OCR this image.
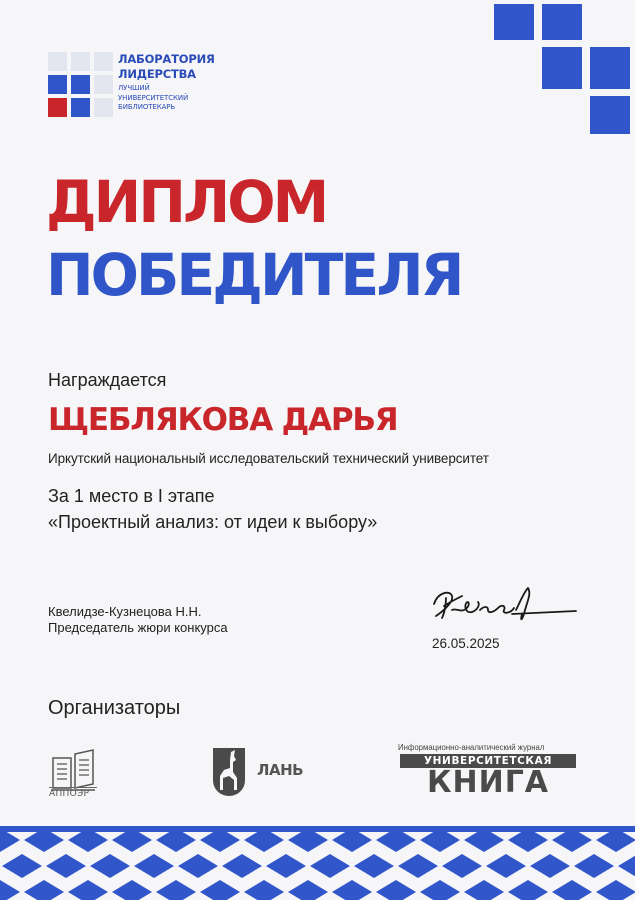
ЛАБОРАТОРИЯ
ЛИДЕРСТВА
ЛУЧШИЙ
УНИВЕРСИТЕТСКИЙ
БИБЛИОТЕКАРЬ
ДИПЛОМ
ПОБЕДИТЕЛЯ
Награждается
ЩЕБЛЯКОВА ДАРЬЯ
Иркутский национальный исследовательский технический университет
За 1 место в I этапе
«Проектный анализ: от идеи к выбору»
Квелидзе-Кузнецова Н.Н.
Председатель жюри конкурса
26.05.2025
Организаторы
АППОЭР
ЛАНЬ
Информационно-аналитический журнал
УНИВЕРСИТЕТСКАЯ
КНИГА
